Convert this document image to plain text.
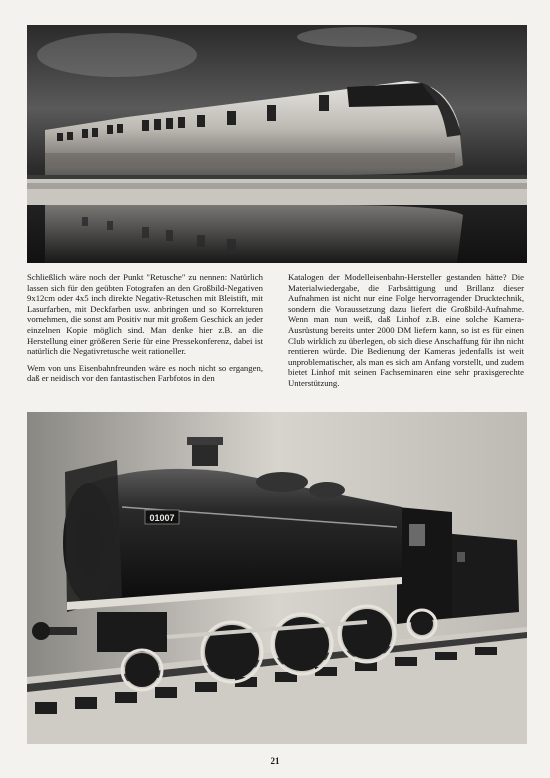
Schließlich wäre noch der Punkt "Retusche" zu nennen: Natürlich lassen sich für den geübten Fotografen an den Großbild-Negativen 9x12cm oder 4x5 inch direkte Negativ-Retuschen mit Bleistift, mit Lasurfarben, mit Deckfarben usw. anbringen und so Korrekturen vornehmen, die sonst am Positiv nur mit großem Geschick an jeder einzelnen Kopie möglich sind. Man denke hier z.B. an die Herstellung einer größeren Serie für eine Pressekonferenz, dabei ist natürlich die Negativretusche weit rationeller.

Wem von uns Eisenbahnfreunden wäre es noch nicht so ergangen, daß er neidisch vor den fantastischen Farbfotos in den

Katalogen der Modelleisenbahn-Hersteller gestanden hätte? Die Materialwiedergabe, die Farbsättigung und Brillanz dieser Aufnahmen ist nicht nur eine Folge hervorragender Drucktechnik, sondern die Voraussetzung dazu liefert die Großbild-Aufnahme. Wenn man nun weiß, daß Linhof z.B. eine solche Kamera-Ausrüstung bereits unter 2000 DM liefern kann, so ist es für einen Club wirklich zu überlegen, ob sich diese Anschaffung für ihn nicht rentieren würde. Die Bedienung der Kameras jedenfalls ist weit unproblematischer, als man es sich am Anfang vorstellt, und zudem bietet Linhof mit seinen Fachseminaren eine sehr praxisgerechte Unterstützung.

01007
21
